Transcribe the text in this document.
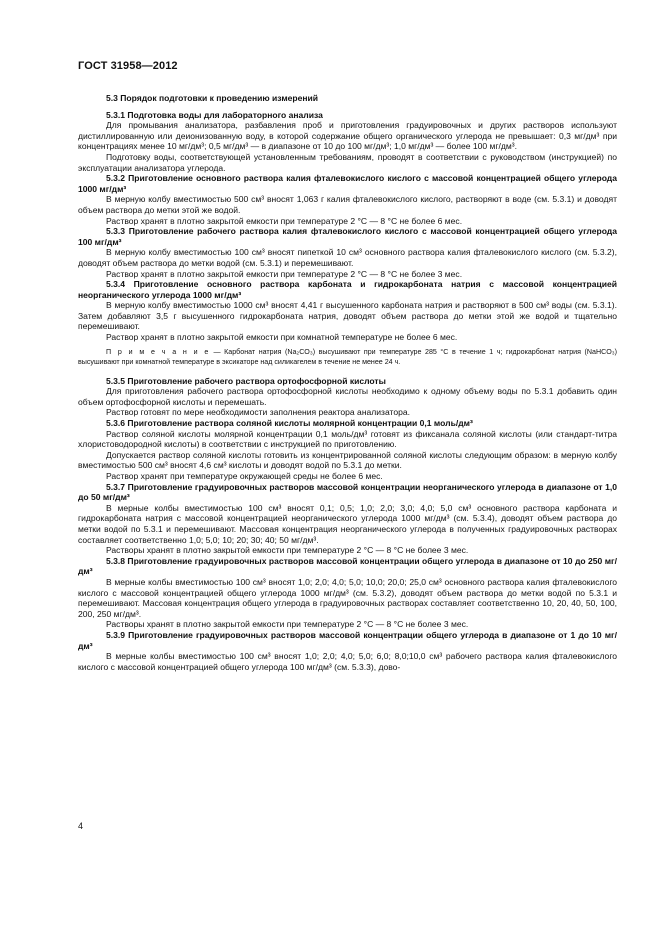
ГОСТ 31958—2012

5.3 Порядок подготовки к проведению измерений

5.3.1 Подготовка воды для лабораторного анализа

Для промывания анализатора, разбавления проб и приготовления градуировочных и других растворов используют дистиллированную или деионизованную воду, в которой содержание общего органического углерода не превышает: 0,3 мг/дм³ при концентрациях менее 10 мг/дм³; 0,5 мг/дм³ — в диапазоне от 10 до 100 мг/дм³; 1,0 мг/дм³ — более 100 мг/дм³.

Подготовку воды, соответствующей установленным требованиям, проводят в соответствии с руководством (инструкцией) по эксплуатации анализатора углерода.

5.3.2 Приготовление основного раствора калия фталевокислого кислого с массовой концентрацией общего углерода 1000 мг/дм³

В мерную колбу вместимостью 500 см³ вносят 1,063 г калия фталевокислого кислого, растворяют в воде (см. 5.3.1) и доводят объем раствора до метки этой же водой.

Раствор хранят в плотно закрытой емкости при температуре 2 °С — 8 °С не более 6 мес.

5.3.3 Приготовление рабочего раствора калия фталевокислого кислого с массовой концентрацией общего углерода 100 мг/дм³

В мерную колбу вместимостью 100 см³ вносят пипеткой 10 см³ основного раствора калия фталевокислого кислого (см. 5.3.2), доводят объем раствора до метки водой (см. 5.3.1) и перемешивают.

Раствор хранят в плотно закрытой емкости при температуре 2 °С — 8 °С не более 3 мес.

5.3.4 Приготовление основного раствора карбоната и гидрокарбоната натрия с массовой концентрацией неорганического углерода 1000 мг/дм³

В мерную колбу вместимостью 1000 см³ вносят 4,41 г высушенного карбоната натрия и растворяют в 500 см³ воды (см. 5.3.1). Затем добавляют 3,5 г высушенного гидрокарбоната натрия, доводят объем раствора до метки этой же водой и тщательно перемешивают.

Раствор хранят в плотно закрытой емкости при комнатной температуре не более 6 мес.

П р и м е ч а н и е — Карбонат натрия (Na₂CO₃) высушивают при температуре 285 °С в течение 1 ч; гидрокарбонат натрия (NaHCO₃) высушивают при комнатной температуре в эксикаторе над силикагелем в течение не менее 24 ч.

5.3.5 Приготовление рабочего раствора ортофосфорной кислоты

Для приготовления рабочего раствора ортофосфорной кислоты необходимо к одному объему воды по 5.3.1 добавить один объем ортофосфорной кислоты и перемешать.

Раствор готовят по мере необходимости заполнения реактора анализатора.

5.3.6 Приготовление раствора соляной кислоты молярной концентрации 0,1 моль/дм³

Раствор соляной кислоты молярной концентрации 0,1 моль/дм³ готовят из фиксанала соляной кислоты (или стандарт-титра хлористоводородной кислоты) в соответствии с инструкцией по приготовлению.

Допускается раствор соляной кислоты готовить из концентрированной соляной кислоты следующим образом: в мерную колбу вместимостью 500 см³ вносят 4,6 см³ кислоты и доводят водой по 5.3.1 до метки.

Раствор хранят при температуре окружающей среды не более 6 мес.

5.3.7 Приготовление градуировочных растворов массовой концентрации неорганического углерода в диапазоне от 1,0 до 50 мг/дм³

В мерные колбы вместимостью 100 см³ вносят 0,1; 0,5; 1,0; 2,0; 3,0; 4,0; 5,0 см³ основного раствора карбоната и гидрокарбоната натрия с массовой концентрацией неорганического углерода 1000 мг/дм³ (см. 5.3.4), доводят объем раствора до метки водой по 5.3.1 и перемешивают. Массовая концентрация неорганического углерода в полученных градуировочных растворах составляет соответственно 1,0; 5,0; 10; 20; 30; 40; 50 мг/дм³.

Растворы хранят в плотно закрытой емкости при температуре 2 °С — 8 °С не более 3 мес.

5.3.8 Приготовление градуировочных растворов массовой концентрации общего углерода в диапазоне от 10 до 250 мг/дм³

В мерные колбы вместимостью 100 см³ вносят 1,0; 2,0; 4,0; 5,0; 10,0; 20,0; 25,0 см³ основного раствора калия фталевокислого кислого с массовой концентрацией общего углерода 1000 мг/дм³ (см. 5.3.2), доводят объем раствора до метки водой по 5.3.1 и перемешивают. Массовая концентрация общего углерода в градуировочных растворах составляет соответственно 10, 20, 40, 50, 100, 200, 250 мг/дм³.

Растворы хранят в плотно закрытой емкости при температуре 2 °С — 8 °С не более 3 мес.

5.3.9 Приготовление градуировочных растворов массовой концентрации общего углерода в диапазоне от 1 до 10 мг/дм³

В мерные колбы вместимостью 100 см³ вносят 1,0; 2,0; 4,0; 5,0; 6,0; 8,0;10,0 см³ рабочего раствора калия фталевокислого кислого с массовой концентрацией общего углерода 100 мг/дм³ (см. 5.3.3), дово-

4
